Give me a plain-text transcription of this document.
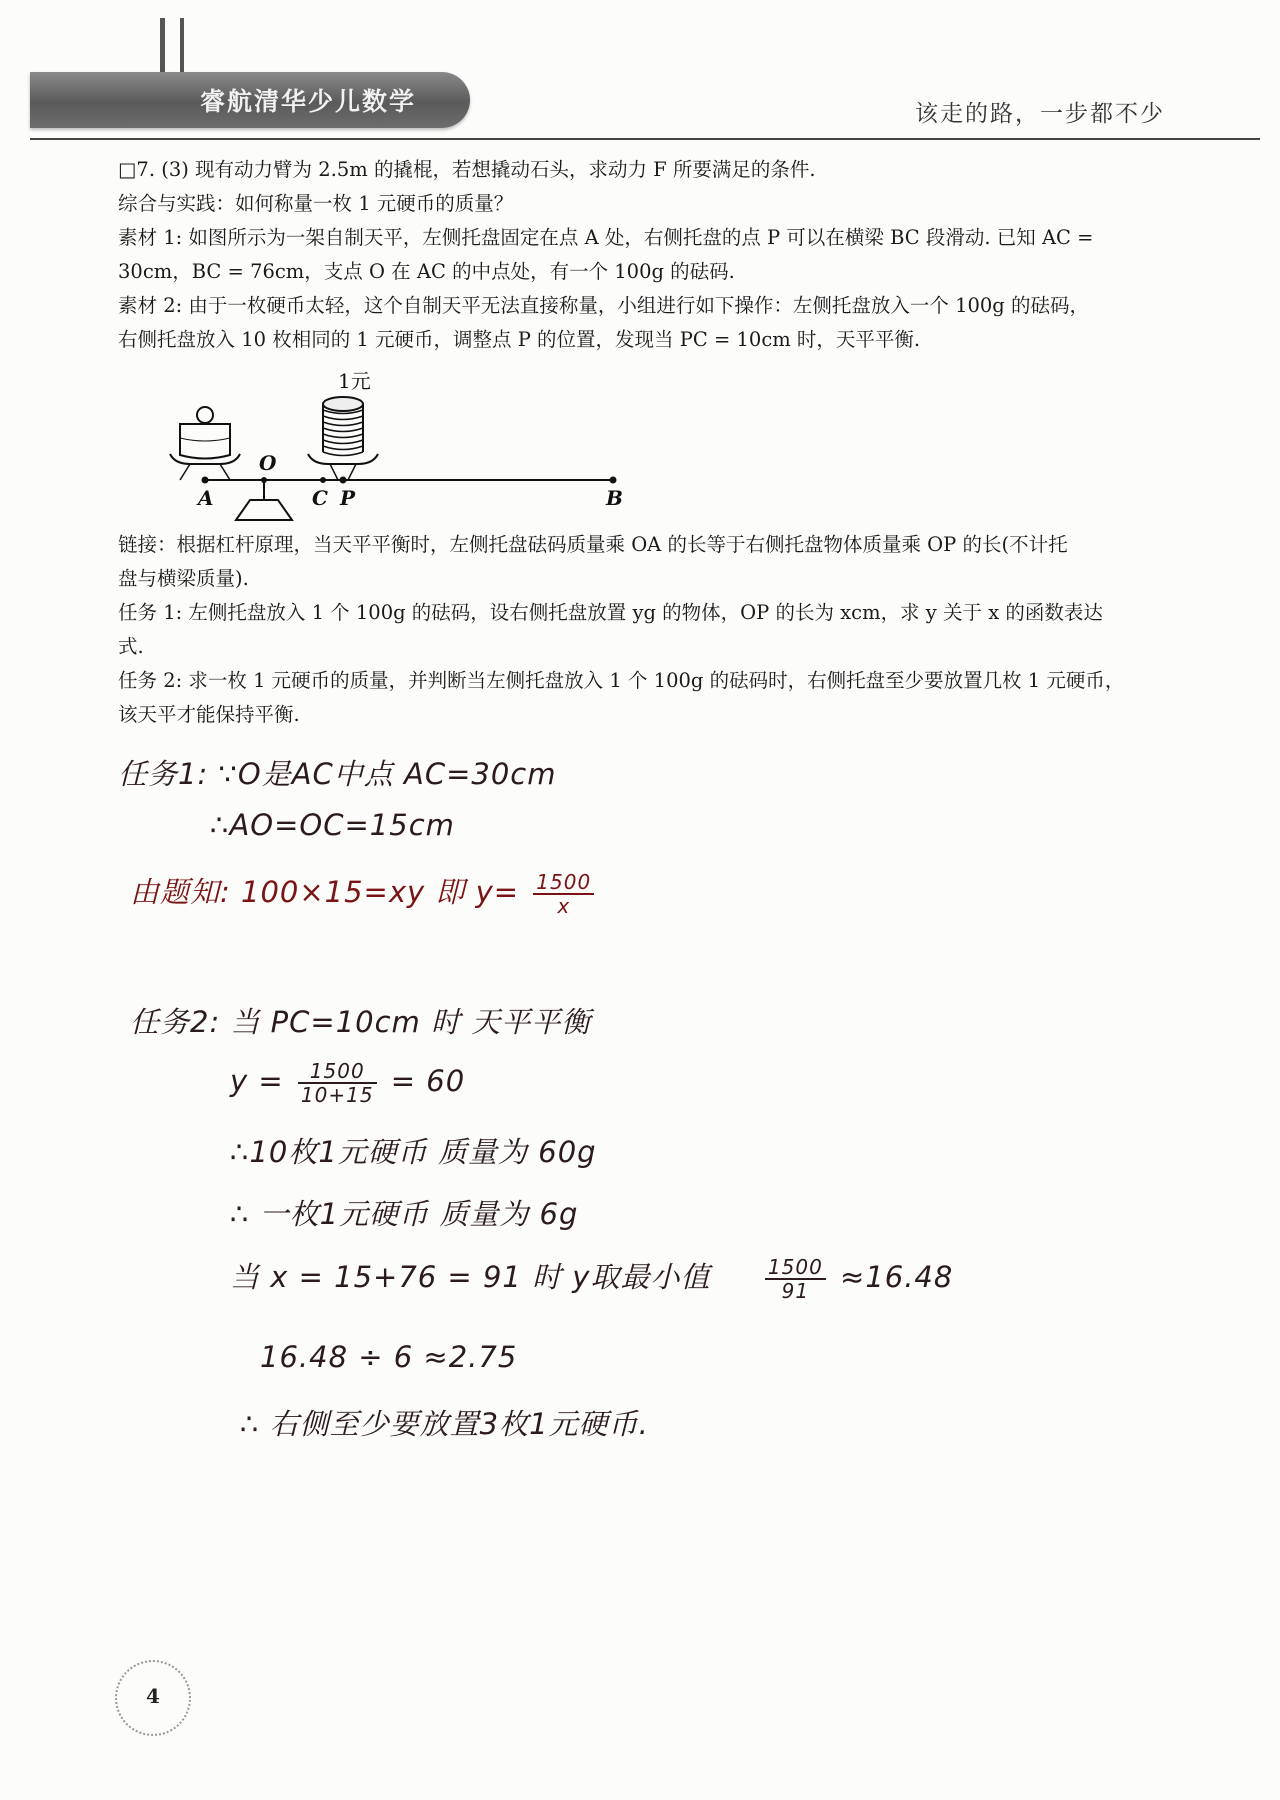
睿航清华少儿数学	该走的路，一步都不少

□7. (3) 现有动力臂为 2.5m 的撬棍，若想撬动石头，求动力 F 所要满足的条件.

综合与实践：如何称量一枚 1 元硬币的质量？

素材 1: 如图所示为一架自制天平，左侧托盘固定在点 A 处，右侧托盘的点 P 可以在横梁 BC 段滑动. 已知 AC =

30cm，BC = 76cm，支点 O 在 AC 的中点处，有一个 100g 的砝码.

素材 2: 由于一枚硬币太轻，这个自制天平无法直接称量，小组进行如下操作：左侧托盘放入一个 100g 的砝码，

右侧托盘放入 10 枚相同的 1 元硬币，调整点 P 的位置，发现当 PC = 10cm 时，天平平衡.

1元
A
O
C P	B

链接：根据杠杆原理，当天平平衡时，左侧托盘砝码质量乘 OA 的长等于右侧托盘物体质量乘 OP 的长(不计托

盘与横梁质量).

任务 1: 左侧托盘放入 1 个 100g 的砝码，设右侧托盘放置 yg 的物体，OP 的长为 xcm，求 y 关于 x 的函数表达

式.

任务 2: 求一枚 1 元硬币的质量，并判断当左侧托盘放入 1 个 100g 的砝码时，右侧托盘至少要放置几枚 1 元硬币，

该天平才能保持平衡.

任务1: ∵O是AC中点 AC=30cm
∴AO=OC=15cm
由题知: 100×15=xy 即 $y= \frac{1500}{x}$
任务2: 当 PC=10cm 时 天平平衡
$y = \frac{1500}{10+15} = 60$
∴10枚1元硬币 质量为 60g
∴ 一枚1元硬币 质量为 6g
当 x = 15+76 = 91 时 y取最小值	$\frac{1500}{91} \approx 16.48$
16.48 ÷ 6 ≈2.75
∴ 右侧至少要放置3枚1元硬币.
4
